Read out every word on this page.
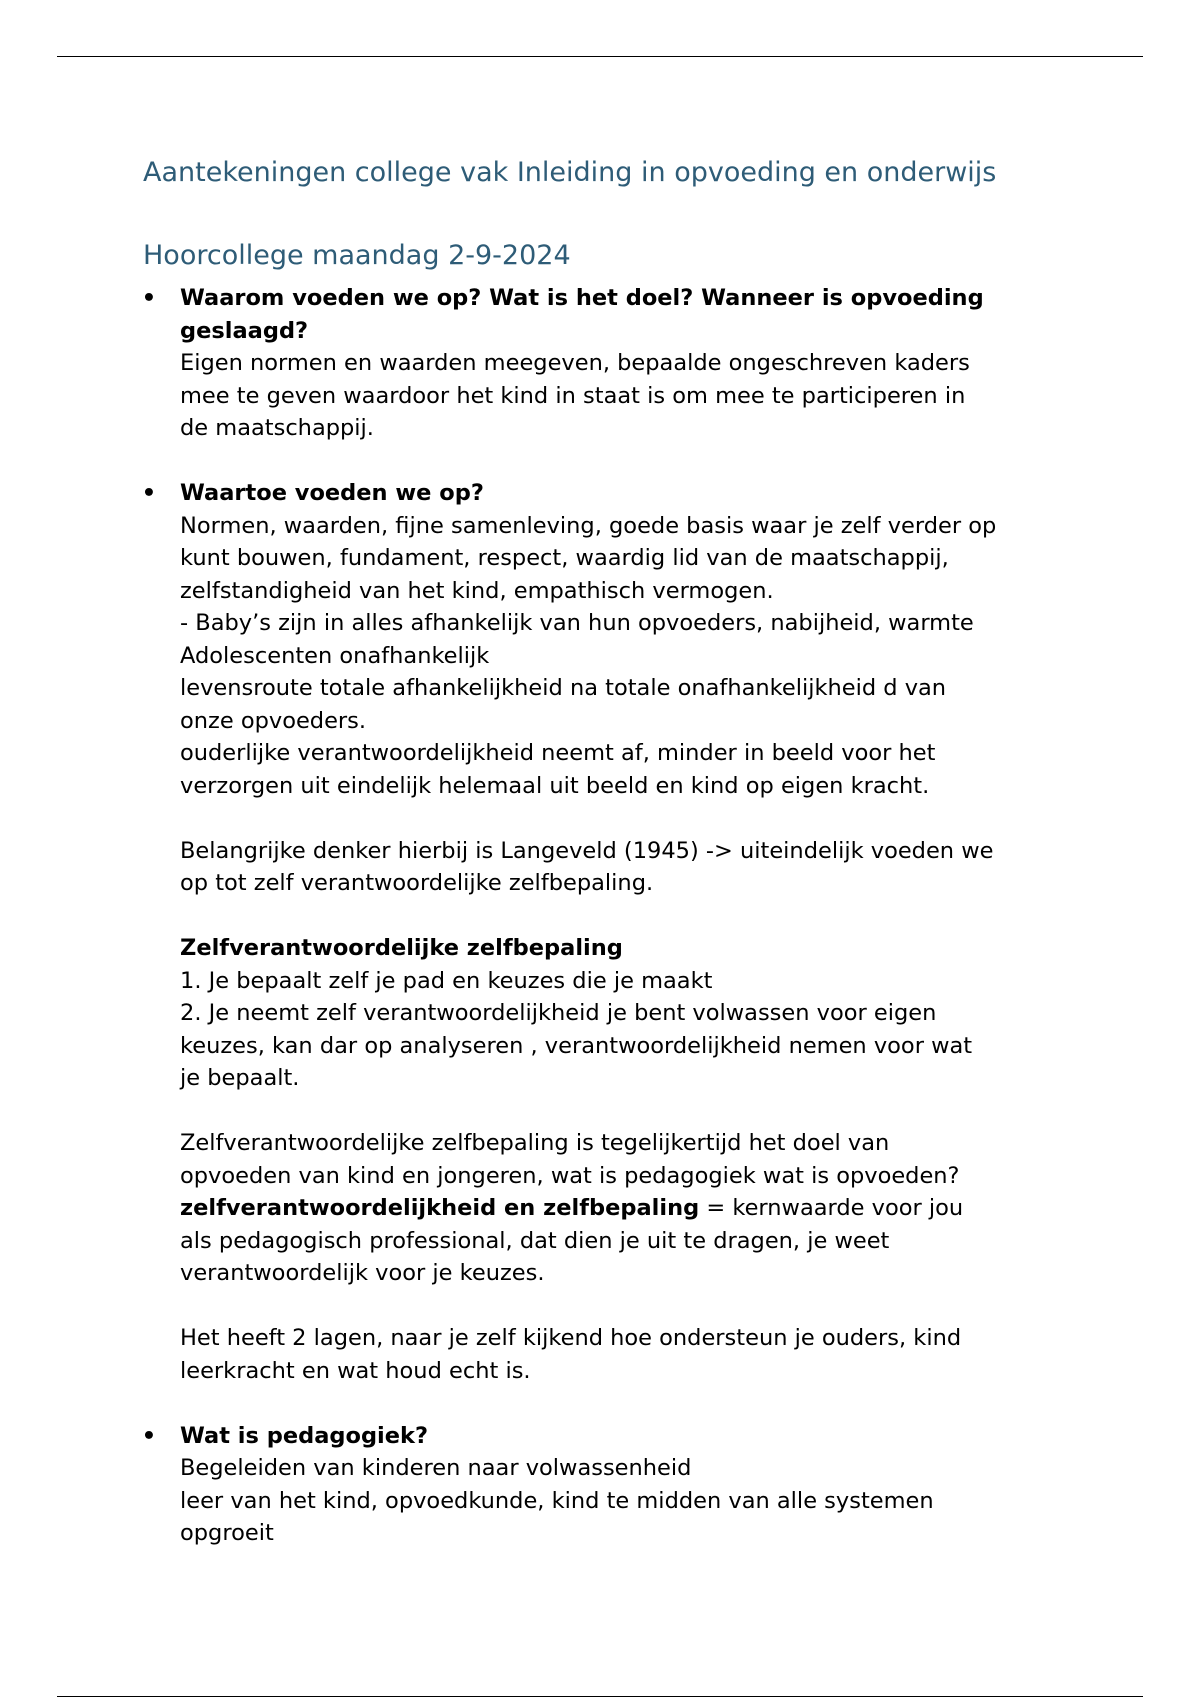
Aantekeningen college vak Inleiding in opvoeding en onderwijs
Hoorcollege maandag 2-9-2024
• Waarom voeden we op? Wat is het doel? Wanneer is opvoeding
geslaagd?
Eigen normen en waarden meegeven, bepaalde ongeschreven kaders
mee te geven waardoor het kind in staat is om mee te participeren in
de maatschappij.
• Waartoe voeden we op?
Normen, waarden, fijne samenleving, goede basis waar je zelf verder op
kunt bouwen, fundament, respect, waardig lid van de maatschappij,
zelfstandigheid van het kind, empathisch vermogen.
- Baby’s zijn in alles afhankelijk van hun opvoeders, nabijheid, warmte
Adolescenten onafhankelijk
levensroute totale afhankelijkheid na totale onafhankelijkheid d van
onze opvoeders.
ouderlijke verantwoordelijkheid neemt af, minder in beeld voor het
verzorgen uit eindelijk helemaal uit beeld en kind op eigen kracht.
Belangrijke denker hierbij is Langeveld (1945) -> uiteindelijk voeden we
op tot zelf verantwoordelijke zelfbepaling.
Zelfverantwoordelijke zelfbepaling
1. Je bepaalt zelf je pad en keuzes die je maakt
2. Je neemt zelf verantwoordelijkheid je bent volwassen voor eigen
keuzes, kan dar op analyseren , verantwoordelijkheid nemen voor wat
je bepaalt.
Zelfverantwoordelijke zelfbepaling is tegelijkertijd het doel van
opvoeden van kind en jongeren, wat is pedagogiek wat is opvoeden?
zelfverantwoordelijkheid en zelfbepaling = kernwaarde voor jou
als pedagogisch professional, dat dien je uit te dragen, je weet
verantwoordelijk voor je keuzes.
Het heeft 2 lagen, naar je zelf kijkend hoe ondersteun je ouders, kind
leerkracht en wat houd echt is.
• Wat is pedagogiek?
Begeleiden van kinderen naar volwassenheid
leer van het kind, opvoedkunde, kind te midden van alle systemen
opgroeit
